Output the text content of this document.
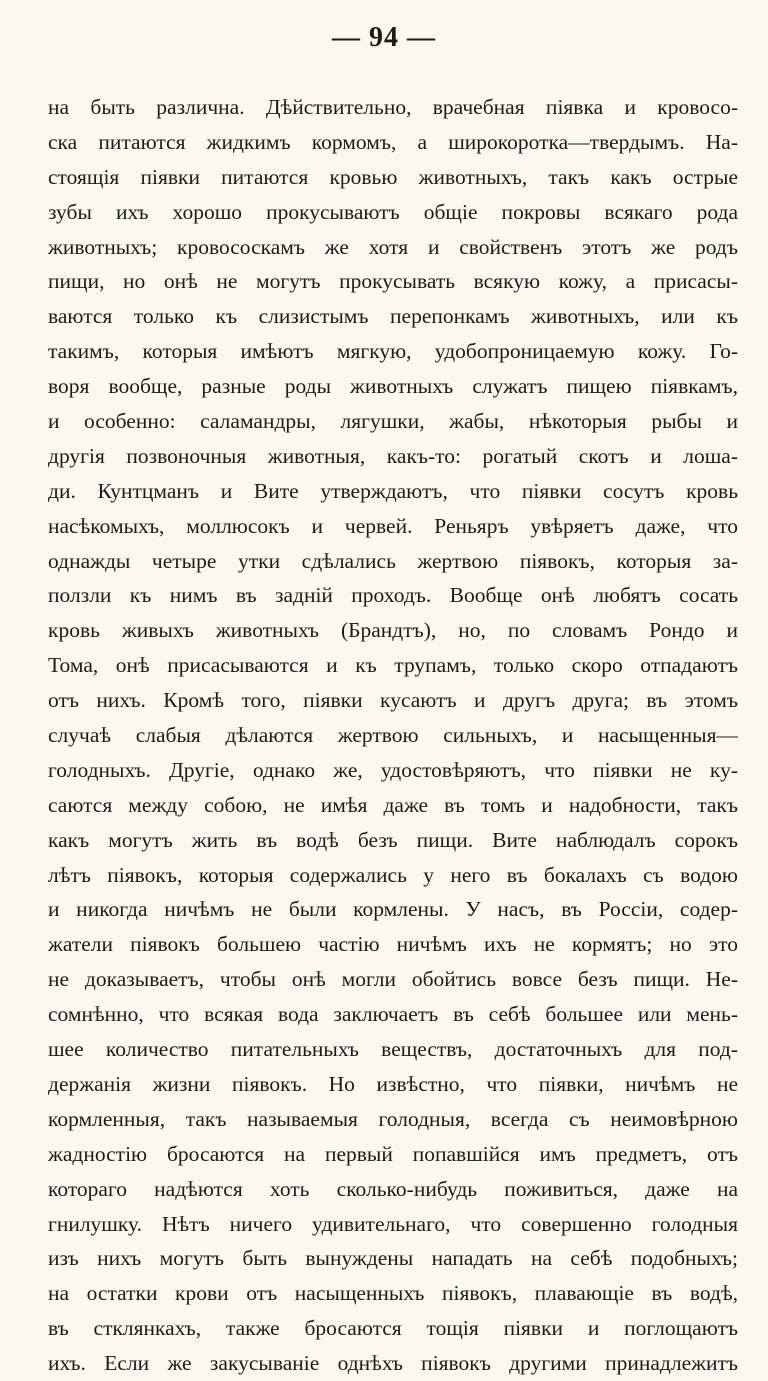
— 94 —
на быть различна. Дѣйствительно, врачебная піявка и кровосо-
ска питаются жидкимъ кормомъ, а широкоротка—твердымъ. На-
стоящія піявки питаются кровью животныхъ, такъ какъ острые
зубы ихъ хорошо прокусываютъ общіе покровы всякаго рода
животныхъ; кровососкамъ же хотя и свойственъ этотъ же родъ
пищи, но онѣ не могутъ прокусывать всякую кожу, а присасы-
ваются только къ слизистымъ перепонкамъ животныхъ, или къ
такимъ, которыя имѣютъ мягкую, удобопроницаемую кожу. Го-
воря вообще, разные роды животныхъ служатъ пищею піявкамъ,
и особенно: саламандры, лягушки, жабы, нѣкоторыя рыбы и
другія позвоночныя животныя, какъ-то: рогатый скотъ и лоша-
ди. Кунтцманъ и Вите утверждаютъ, что піявки сосутъ кровь
насѣкомыхъ, моллюсокъ и червей. Реньяръ увѣряетъ даже, что
однажды четыре утки сдѣлались жертвою піявокъ, которыя за-
ползли къ нимъ въ задній проходъ. Вообще онѣ любятъ сосать
кровь живыхъ животныхъ (Брандтъ), но, по словамъ Рондо и
Тома, онѣ присасываются и къ трупамъ, только скоро отпадаютъ
отъ нихъ. Кромѣ того, піявки кусаютъ и другъ друга; въ этомъ
случаѣ слабыя дѣлаются жертвою сильныхъ, и насыщенныя—
голодныхъ. Другіе, однако же, удостовѣряютъ, что піявки не ку-
саются между собою, не имѣя даже въ томъ и надобности, такъ
какъ могутъ жить въ водѣ безъ пищи. Вите наблюдалъ сорокъ
лѣтъ піявокъ, которыя содержались у него въ бокалахъ съ водою
и никогда ничѣмъ не были кормлены. У насъ, въ Россіи, содер-
жатели піявокъ большею частію ничѣмъ ихъ не кормятъ; но это
не доказываетъ, чтобы онѣ могли обойтись вовсе безъ пищи. Не-
сомнѣнно, что всякая вода заключаетъ въ себѣ большее или мень-
шее количество питательныхъ веществъ, достаточныхъ для под-
держанія жизни піявокъ. Но извѣстно, что піявки, ничѣмъ не
кормленныя, такъ называемыя голодныя, всегда съ неимовѣрною
жадностію бросаются на первый попавшійся имъ предметъ, отъ
котораго надѣются хоть сколько-нибудь поживиться, даже на
гнилушку. Нѣтъ ничего удивительнаго, что совершенно голодныя
изъ нихъ могутъ быть вынуждены нападать на себѣ подобныхъ;
на остатки крови отъ насыщенныхъ піявокъ, плавающіе въ водѣ,
въ стклянкахъ, также бросаются тощія піявки и поглощаютъ
ихъ. Если же закусываніе однѣхъ піявокъ другими принадлежитъ
